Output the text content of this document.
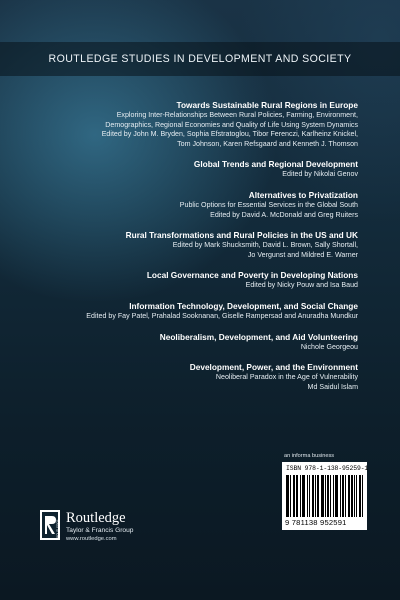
ROUTLEDGE STUDIES IN DEVELOPMENT AND SOCIETY
Towards Sustainable Rural Regions in Europe
Exploring Inter-Relationships Between Rural Policies, Farming, Environment,
Demographics, Regional Economies and Quality of Life Using System Dynamics
Edited by John M. Bryden, Sophia Efstratoglou, Tibor Ferenczi, Karlheinz Knickel,
Tom Johnson, Karen Refsgaard and Kenneth J. Thomson
Global Trends and Regional Development
Edited by Nikolai Genov
Alternatives to Privatization
Public Options for Essential Services in the Global South
Edited by David A. McDonald and Greg Ruiters
Rural Transformations and Rural Policies in the US and UK
Edited by Mark Shucksmith, David L. Brown, Sally Shortall,
Jo Vergunst and Mildred E. Warner
Local Governance and Poverty in Developing Nations
Edited by Nicky Pouw and Isa Baud
Information Technology, Development, and Social Change
Edited by Fay Patel, Prahalad Sooknanan, Giselle Rampersad and Anuradha Mundkur
Neoliberalism, Development, and Aid Volunteering
Nichole Georgeou
Development, Power, and the Environment
Neoliberal Paradox in the Age of Vulnerability
Md Saidul Islam
an informa business
ISBN 978-1-138-95259-1
9 781138 952591
ROUTLEDGE
Routledge
Taylor & Francis Group
www.routledge.com
